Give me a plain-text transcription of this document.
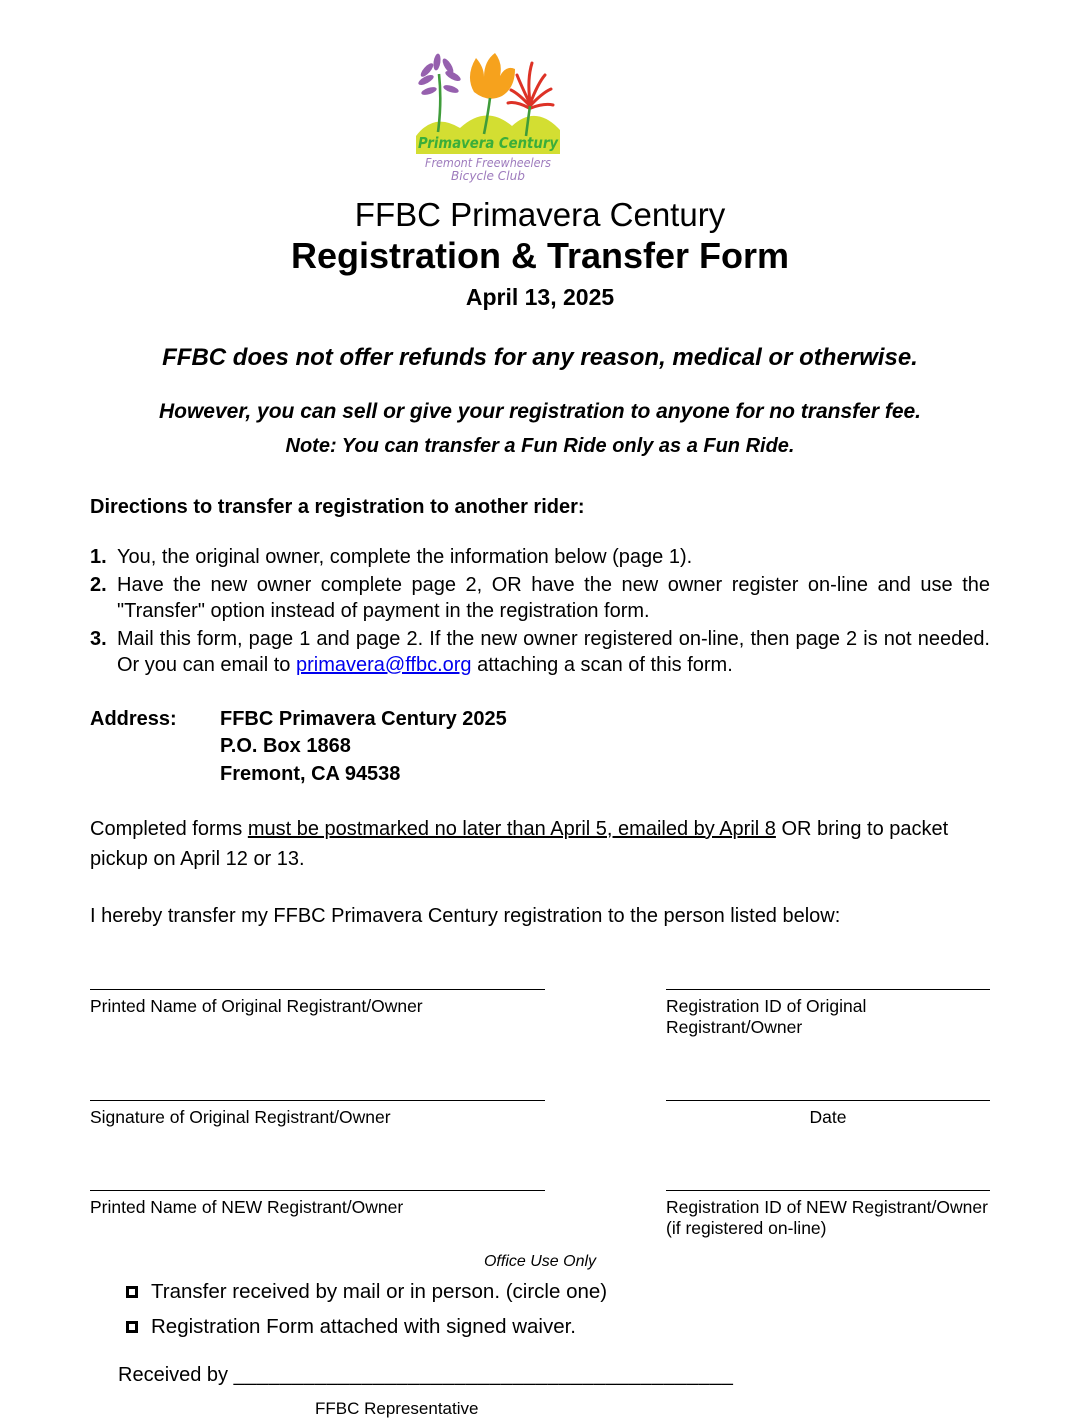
Primavera Century
Fremont Freewheelers
Bicycle Club
FFBC Primavera Century
Registration & Transfer Form
April 13, 2025
FFBC does not offer refunds for any reason, medical or otherwise.
However, you can sell or give your registration to anyone for no transfer fee.
Note: You can transfer a Fun Ride only as a Fun Ride.
Directions to transfer a registration to another rider:
1. You, the original owner, complete the information below (page 1).
2. Have the new owner complete page 2, OR have the new owner register on-line and use the "Transfer" option instead of payment in the registration form.
3. Mail this form, page 1 and page 2. If the new owner registered on-line, then page 2 is not needed. Or you can email to primavera@ffbc.org attaching a scan of this form.
Address:	FFBC Primavera Century 2025
P.O. Box 1868
Fremont, CA 94538
Completed forms must be postmarked no later than April 5, emailed by April 8 OR bring to packet pickup on April 12 or 13.
I hereby transfer my FFBC Primavera Century registration to the person listed below:
Printed Name of Original Registrant/Owner	Registration ID of Original Registrant/Owner
Signature of Original Registrant/Owner	Date
Printed Name of NEW Registrant/Owner	Registration ID of NEW Registrant/Owner
(if registered on-line)
Office Use Only
Transfer received by mail or in person. (circle one)
Registration Form attached with signed waiver.
Received by ___________________________________________
FFBC Representative
